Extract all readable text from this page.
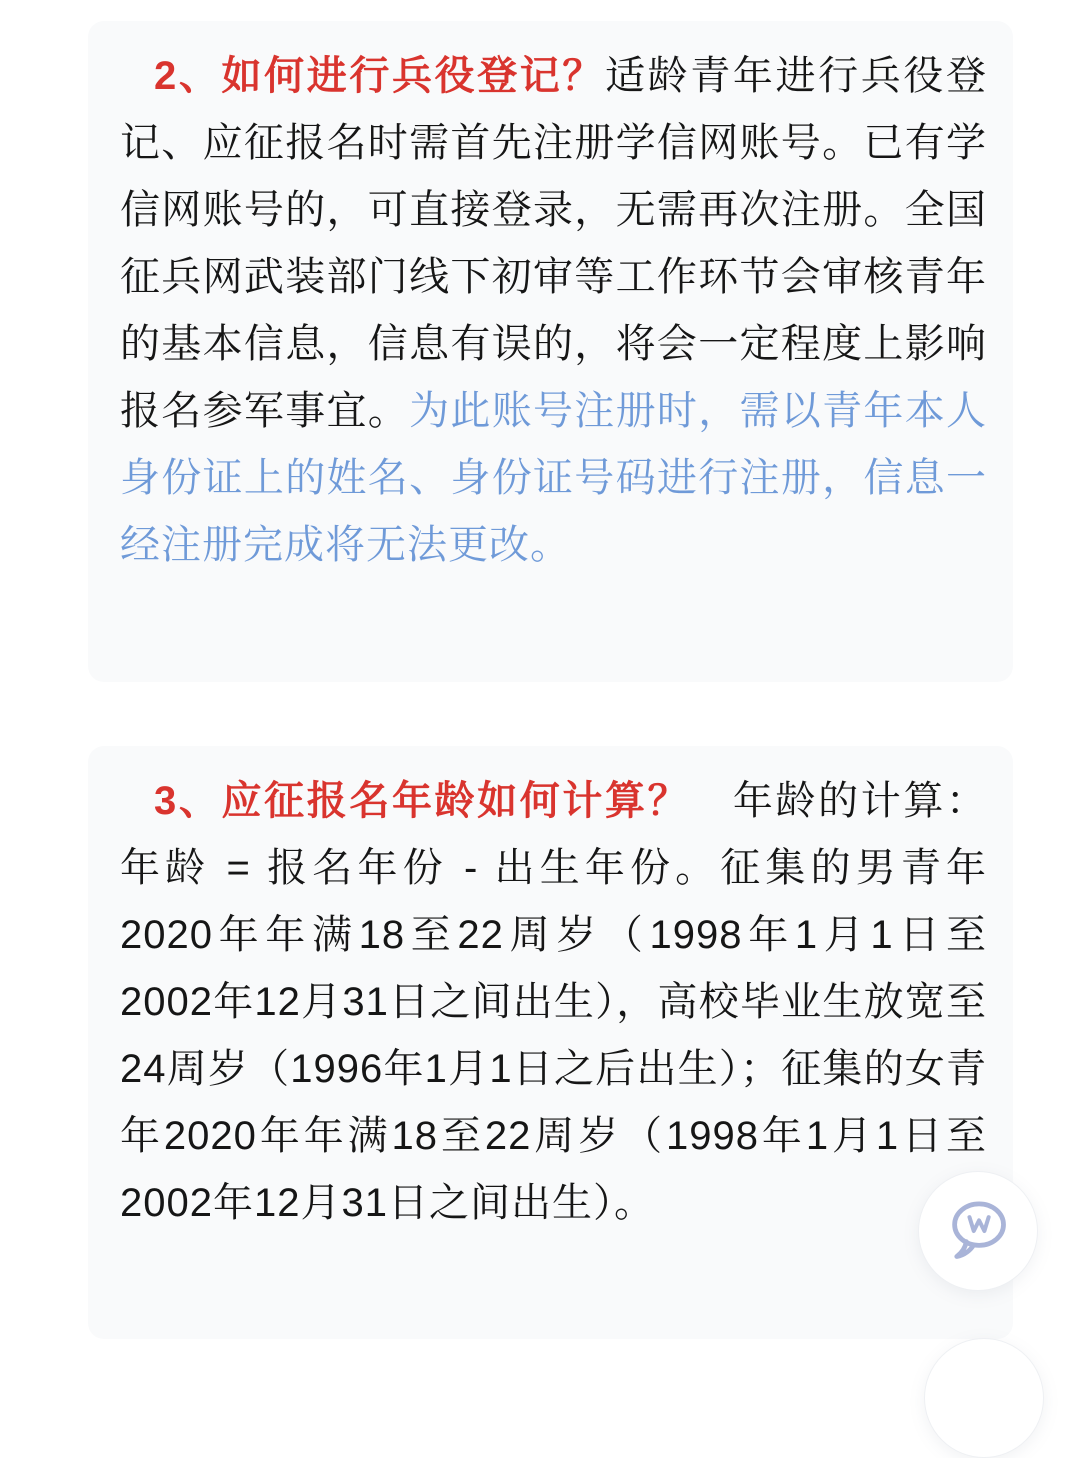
2、如何进行兵役登记？适龄青年进行兵役登记、应征报名时需首先注册学信网账号。已有学信网账号的，可直接登录，无需再次注册。全国征兵网武装部门线下初审等工作环节会审核青年的基本信息，信息有误的，将会一定程度上影响报名参军事宜。为此账号注册时，需以青年本人身份证上的姓名、身份证号码进行注册，信息一经注册完成将无法更改。

3、应征报名年龄如何计算？　年龄的计算：年龄 = 报名年份 - 出生年份。征集的男青年2020年年满18至22周岁（1998年1月1日至2002年12月31日之间出生），高校毕业生放宽至24周岁（1996年1月1日之后出生）；征集的女青年2020年年满18至22周岁（1998年1月1日至2002年12月31日之间出生）。
